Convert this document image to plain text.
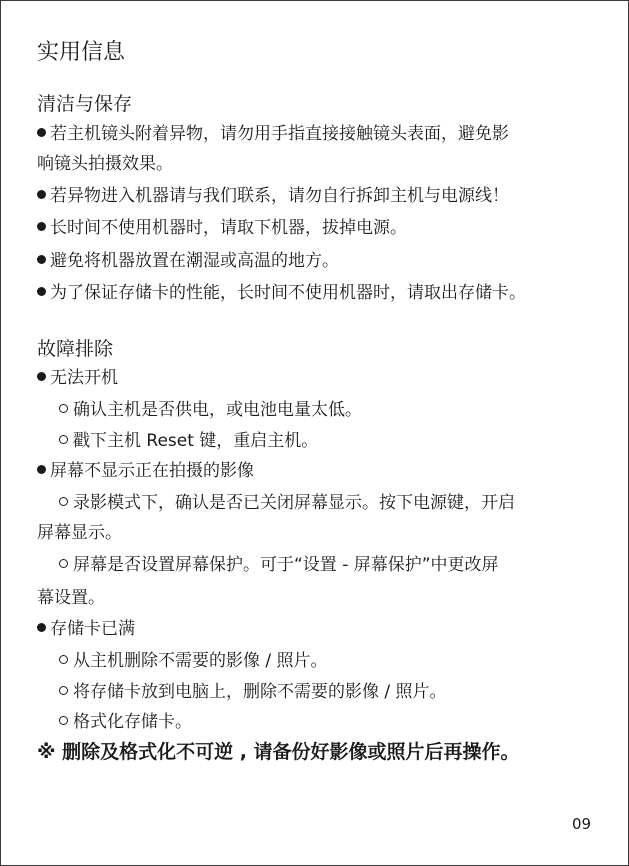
实用信息
清洁与保存

若主机镜头附着异物，请勿用手指直接接触镜头表面，避免影

响镜头拍摄效果。

若异物进入机器请与我们联系，请勿自行拆卸主机与电源线！

长时间不使用机器时，请取下机器，拔掉电源。

避免将机器放置在潮湿或高温的地方。

为了保证存储卡的性能，长时间不使用机器时，请取出存储卡。

故障排除

无法开机

确认主机是否供电，或电池电量太低。

戳下主机 Reset 键，重启主机。

屏幕不显示正在拍摄的影像

录影模式下，确认是否已关闭屏幕显示。按下电源键，开启

屏幕显示。

屏幕是否设置屏幕保护。可于“设置 - 屏幕保护”中更改屏

幕设置。

存储卡已满

从主机删除不需要的影像 / 照片。

将存储卡放到电脑上，删除不需要的影像 / 照片。

格式化存储卡。

※ 删除及格式化不可逆 , 请备份好影像或照片后再操作。
09
